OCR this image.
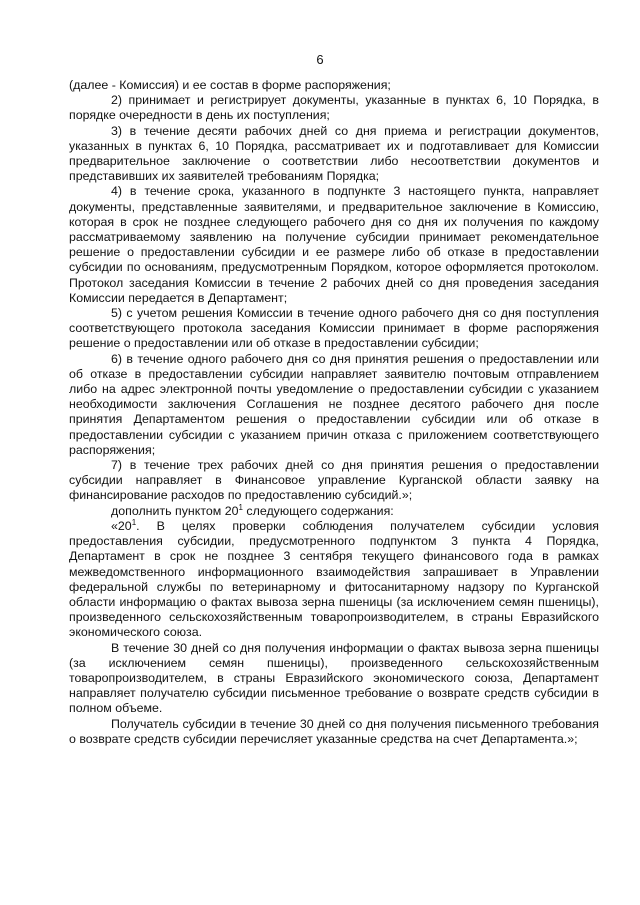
6

(далее - Комиссия) и ее состав в форме распоряжения;

2) принимает и регистрирует документы, указанные в пунктах 6, 10 Порядка, в порядке очередности в день их поступления;

3) в течение десяти рабочих дней со дня приема и регистрации документов, указанных в пунктах 6, 10 Порядка, рассматривает их и подготавливает для Комиссии предварительное заключение о соответствии либо несоответствии документов и представивших их заявителей требованиям Порядка;

4) в течение срока, указанного в подпункте 3 настоящего пункта, направляет документы, представленные заявителями, и предварительное заключение в Комиссию, которая в срок не позднее следующего рабочего дня со дня их получения по каждому рассматриваемому заявлению на получение субсидии принимает рекомендательное решение о предоставлении субсидии и ее размере либо об отказе в предоставлении субсидии по основаниям, предусмотренным Порядком, которое оформляется протоколом. Протокол заседания Комиссии в течение 2 рабочих дней со дня проведения заседания Комиссии передается в Департамент;

5) с учетом решения Комиссии в течение одного рабочего дня со дня поступления соответствующего протокола заседания Комиссии принимает в форме распоряжения решение о предоставлении или об отказе в предоставлении субсидии;

6) в течение одного рабочего дня со дня принятия решения о предоставлении или об отказе в предоставлении субсидии направляет заявителю почтовым отправлением либо на адрес электронной почты уведомление о предоставлении субсидии с указанием необходимости заключения Соглашения не позднее десятого рабочего дня после принятия Департаментом решения о предоставлении субсидии или об отказе в предоставлении субсидии с указанием причин отказа с приложением соответствующего распоряжения;

7) в течение трех рабочих дней со дня принятия решения о предоставлении субсидии направляет в Финансовое управление Курганской области заявку на финансирование расходов по предоставлению субсидий.»;

дополнить пунктом $20^1$ следующего содержания:

«$20^1$. В целях проверки соблюдения получателем субсидии условия предоставления субсидии, предусмотренного подпунктом 3 пункта 4 Порядка, Департамент в срок не позднее 3 сентября текущего финансового года в рамках межведомственного информационного взаимодействия запрашивает в Управлении федеральной службы по ветеринарному и фитосанитарному надзору по Курганской области информацию о фактах вывоза зерна пшеницы (за исключением семян пшеницы), произведенного сельскохозяйственным товаропроизводителем, в страны Евразийского экономического союза.

В течение 30 дней со дня получения информации о фактах вывоза зерна пшеницы (за исключением семян пшеницы), произведенного сельскохозяйственным товаропроизводителем, в страны Евразийского экономического союза, Департамент направляет получателю субсидии письменное требование о возврате средств субсидии в полном объеме.

Получатель субсидии в течение 30 дней со дня получения письменного требования о возврате средств субсидии перечисляет указанные средства на счет Департамента.»;
